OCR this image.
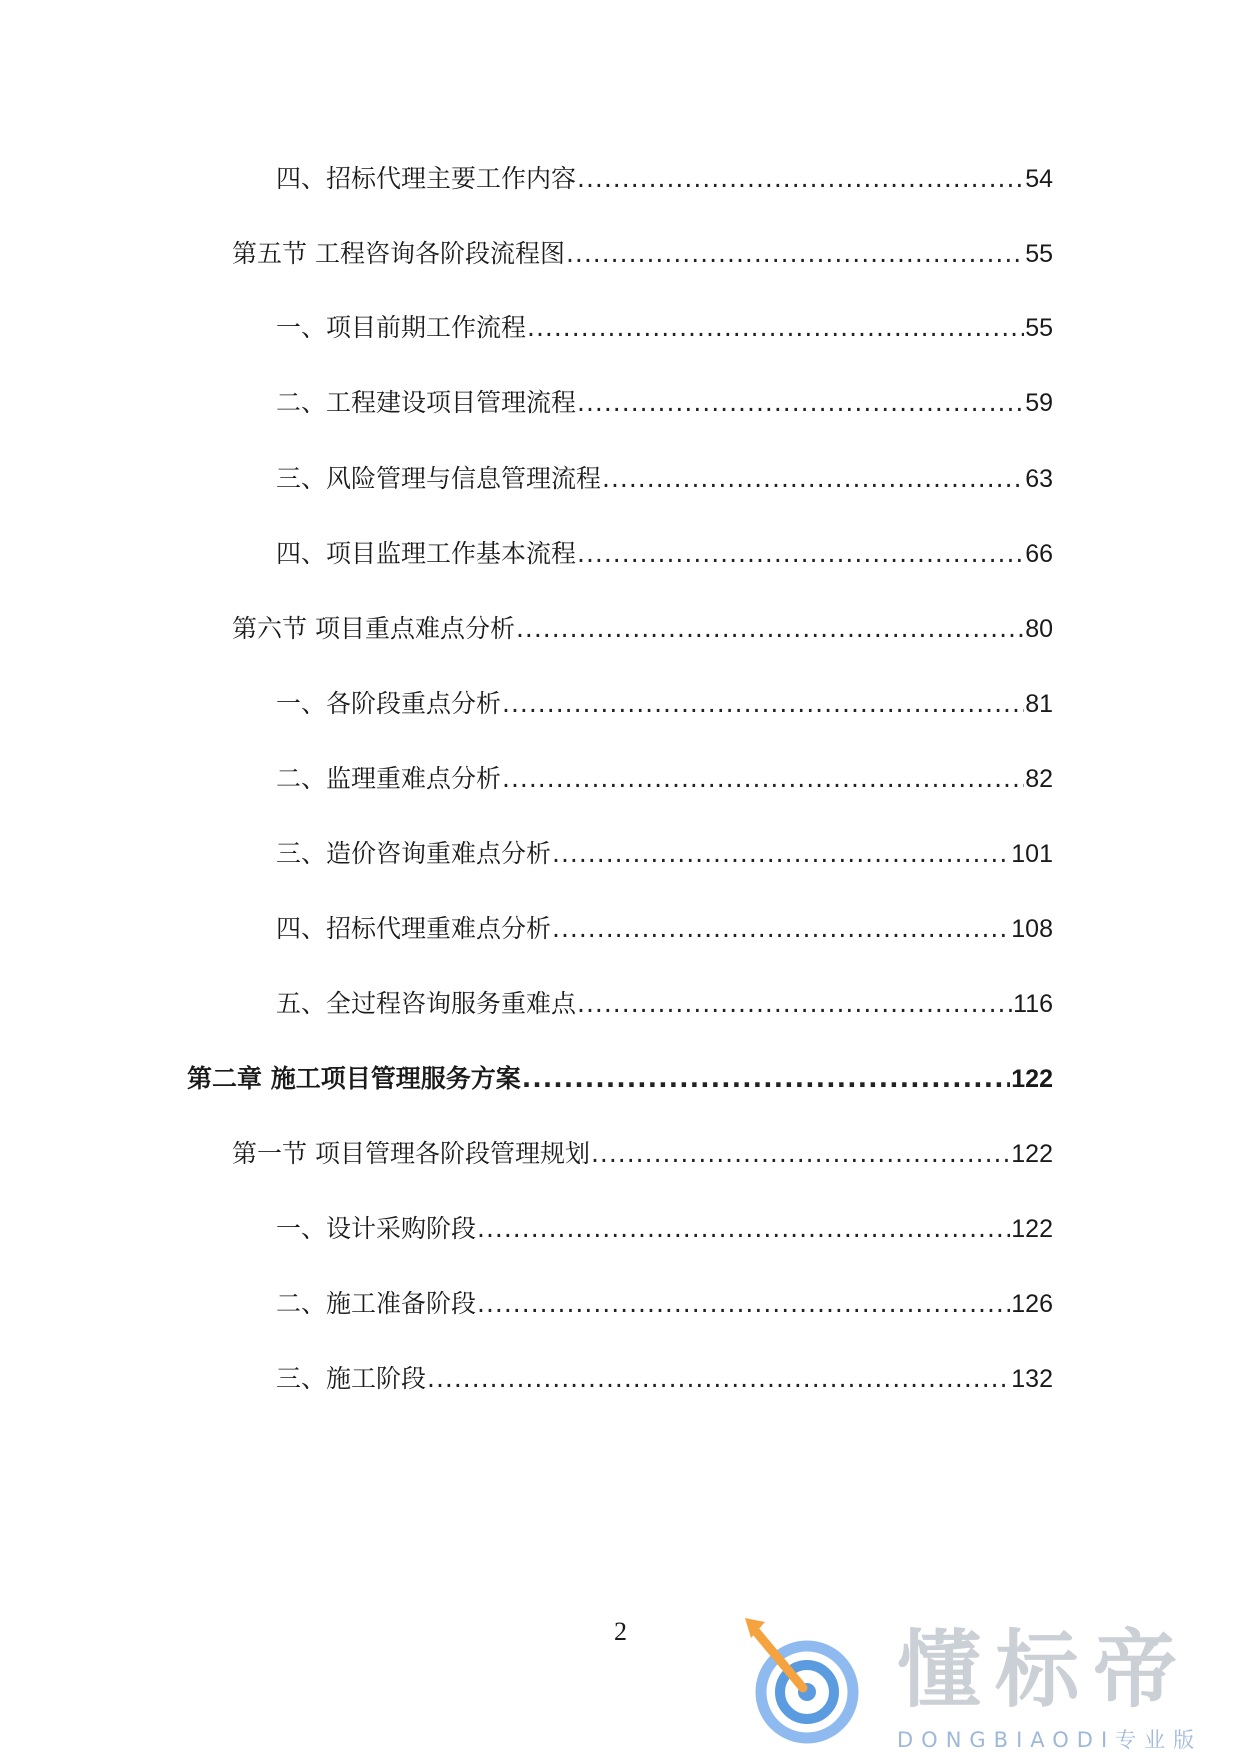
四、招标代理主要工作内容 .....	54
第五节 工程咨询各阶段流程图 .....	55
一、项目前期工作流程 .....	55
二、工程建设项目管理流程 .....	59
三、风险管理与信息管理流程 .....	63
四、项目监理工作基本流程 .....	66
第六节 项目重点难点分析 .....	80
一、各阶段重点分析 .....	81
二、监理重难点分析 .....	82
三、造价咨询重难点分析 .....	101
四、招标代理重难点分析 .....	108
五、全过程咨询服务重难点 .....	116
第二章 施工项目管理服务方案 .....	122
第一节 项目管理各阶段管理规划 .....	122
一、设计采购阶段 .....	122
二、施工准备阶段 .....	126
三、施工阶段 .....	132
2	懂标帝
DONGBIAODI专业版
